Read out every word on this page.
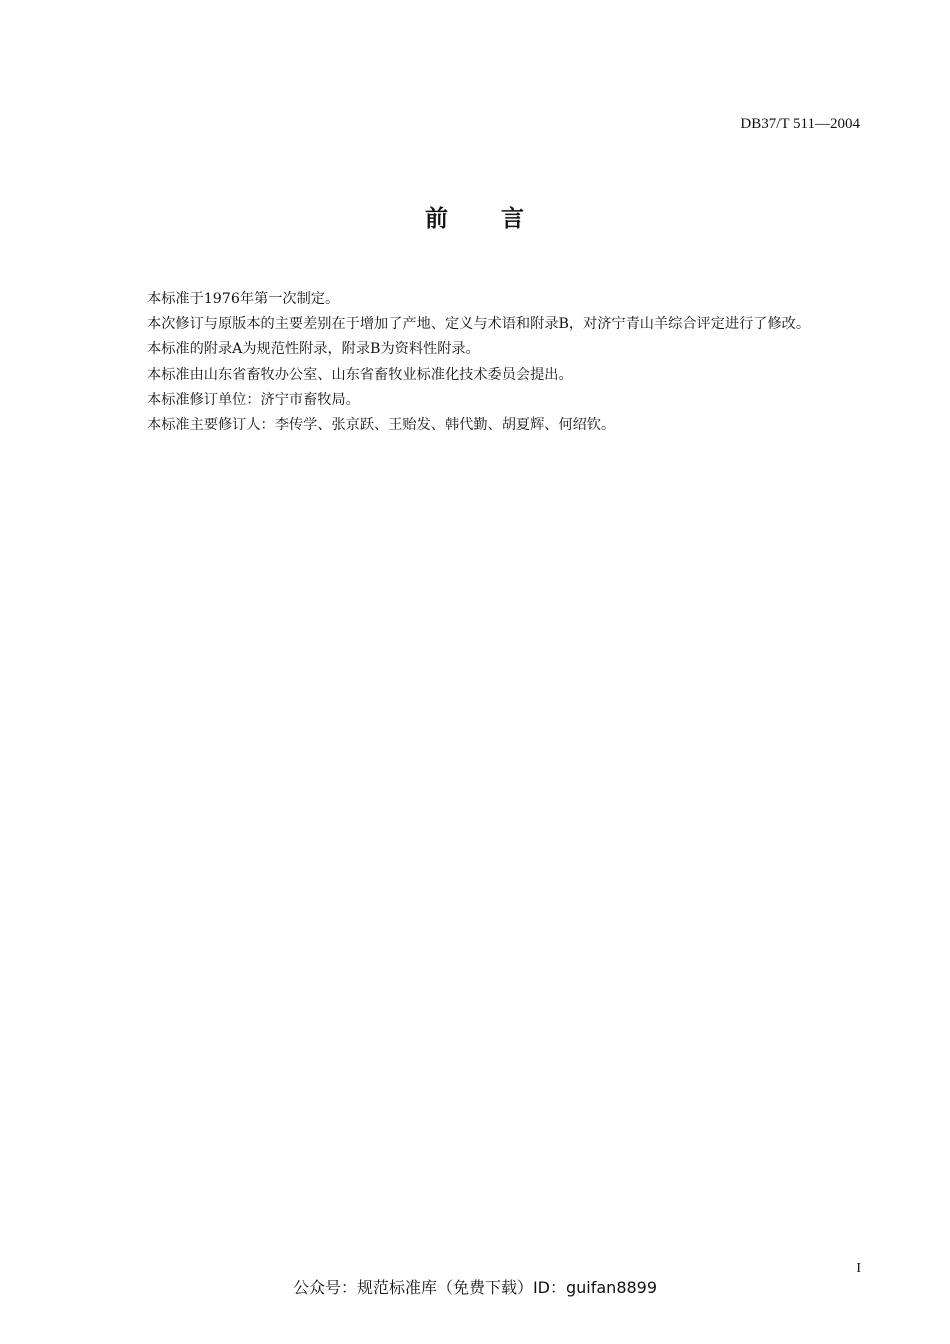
DB37/T 511—2004
前 言

本标准于1976年第一次制定。

本次修订与原版本的主要差别在于增加了产地、定义与术语和附录B，对济宁青山羊综合评定进行了修改。

本标准的附录A为规范性附录，附录B为资料性附录。

本标准由山东省畜牧办公室、山东省畜牧业标准化技术委员会提出。

本标准修订单位：济宁市畜牧局。

本标准主要修订人：李传学、张京跃、王贻发、韩代勤、胡夏辉、何绍钦。

I
公众号：规范标准库（免费下载）ID：guifan8899
